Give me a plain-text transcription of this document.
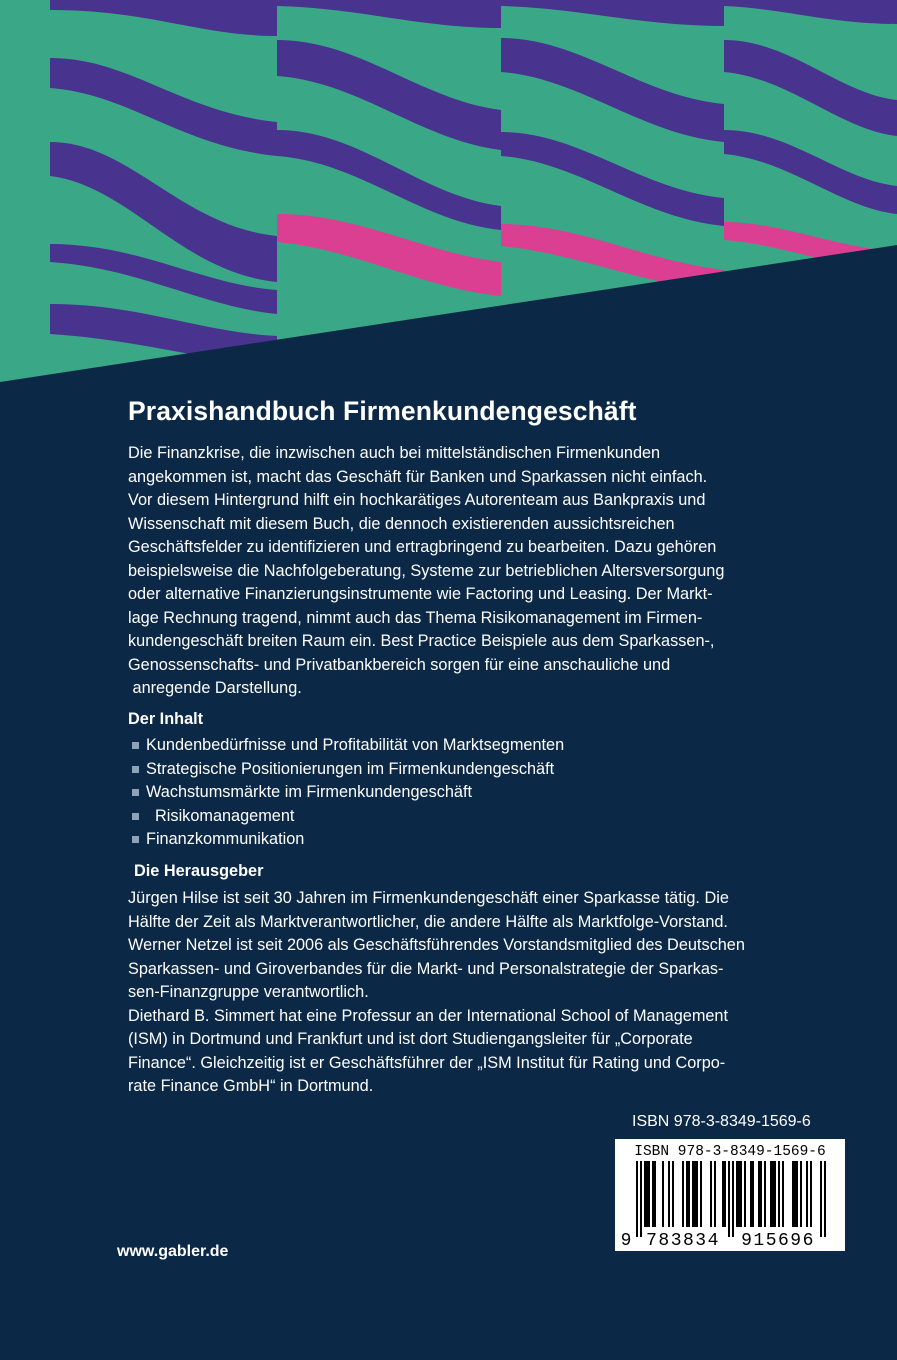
Praxishandbuch Firmenkundengeschäft
Die Finanzkrise, die inzwischen auch bei mittelständischen Firmenkunden
angekommen ist, macht das Geschäft für Banken und Sparkassen nicht einfach.
Vor diesem Hintergrund hilft ein hochkarätiges Autorenteam aus Bankpraxis und
Wissenschaft mit diesem Buch, die dennoch existierenden aussichtsreichen
Geschäftsfelder zu identifizieren und ertragbringend zu bearbeiten. Dazu gehören
beispielsweise die Nachfolgeberatung, Systeme zur betrieblichen Altersversorgung
oder alternative Finanzierungsinstrumente wie Factoring und Leasing. Der Markt-
lage Rechnung tragend, nimmt auch das Thema Risikomanagement im Firmen-
kundengeschäft breiten Raum ein. Best Practice Beispiele aus dem Sparkassen-,
Genossenschafts- und Privatbankbereich sorgen für eine anschauliche und
anregende Darstellung.
Der Inhalt
Kundenbedürfnisse und Profitabilität von Marktsegmenten
Strategische Positionierungen im Firmenkundengeschäft
Wachstumsmärkte im Firmenkundengeschäft
Risikomanagement
Finanzkommunikation
Die Herausgeber
Jürgen Hilse ist seit 30 Jahren im Firmenkundengeschäft einer Sparkasse tätig. Die
Hälfte der Zeit als Marktverantwortlicher, die andere Hälfte als Marktfolge-Vorstand.
Werner Netzel ist seit 2006 als Geschäftsführendes Vorstandsmitglied des Deutschen
Sparkassen- und Giroverbandes für die Markt- und Personalstrategie der Sparkas-
sen-Finanzgruppe verantwortlich.
Diethard B. Simmert hat eine Professur an der International School of Management
(ISM) in Dortmund und Frankfurt und ist dort Studiengangsleiter für „Corporate
Finance“. Gleichzeitig ist er Geschäftsführer der „ISM Institut für Rating und Corpo-
rate Finance GmbH“ in Dortmund.
ISBN 978-3-8349-1569-6
ISBN 978-3-8349-1569-6
9 783834 915696
www.gabler.de
